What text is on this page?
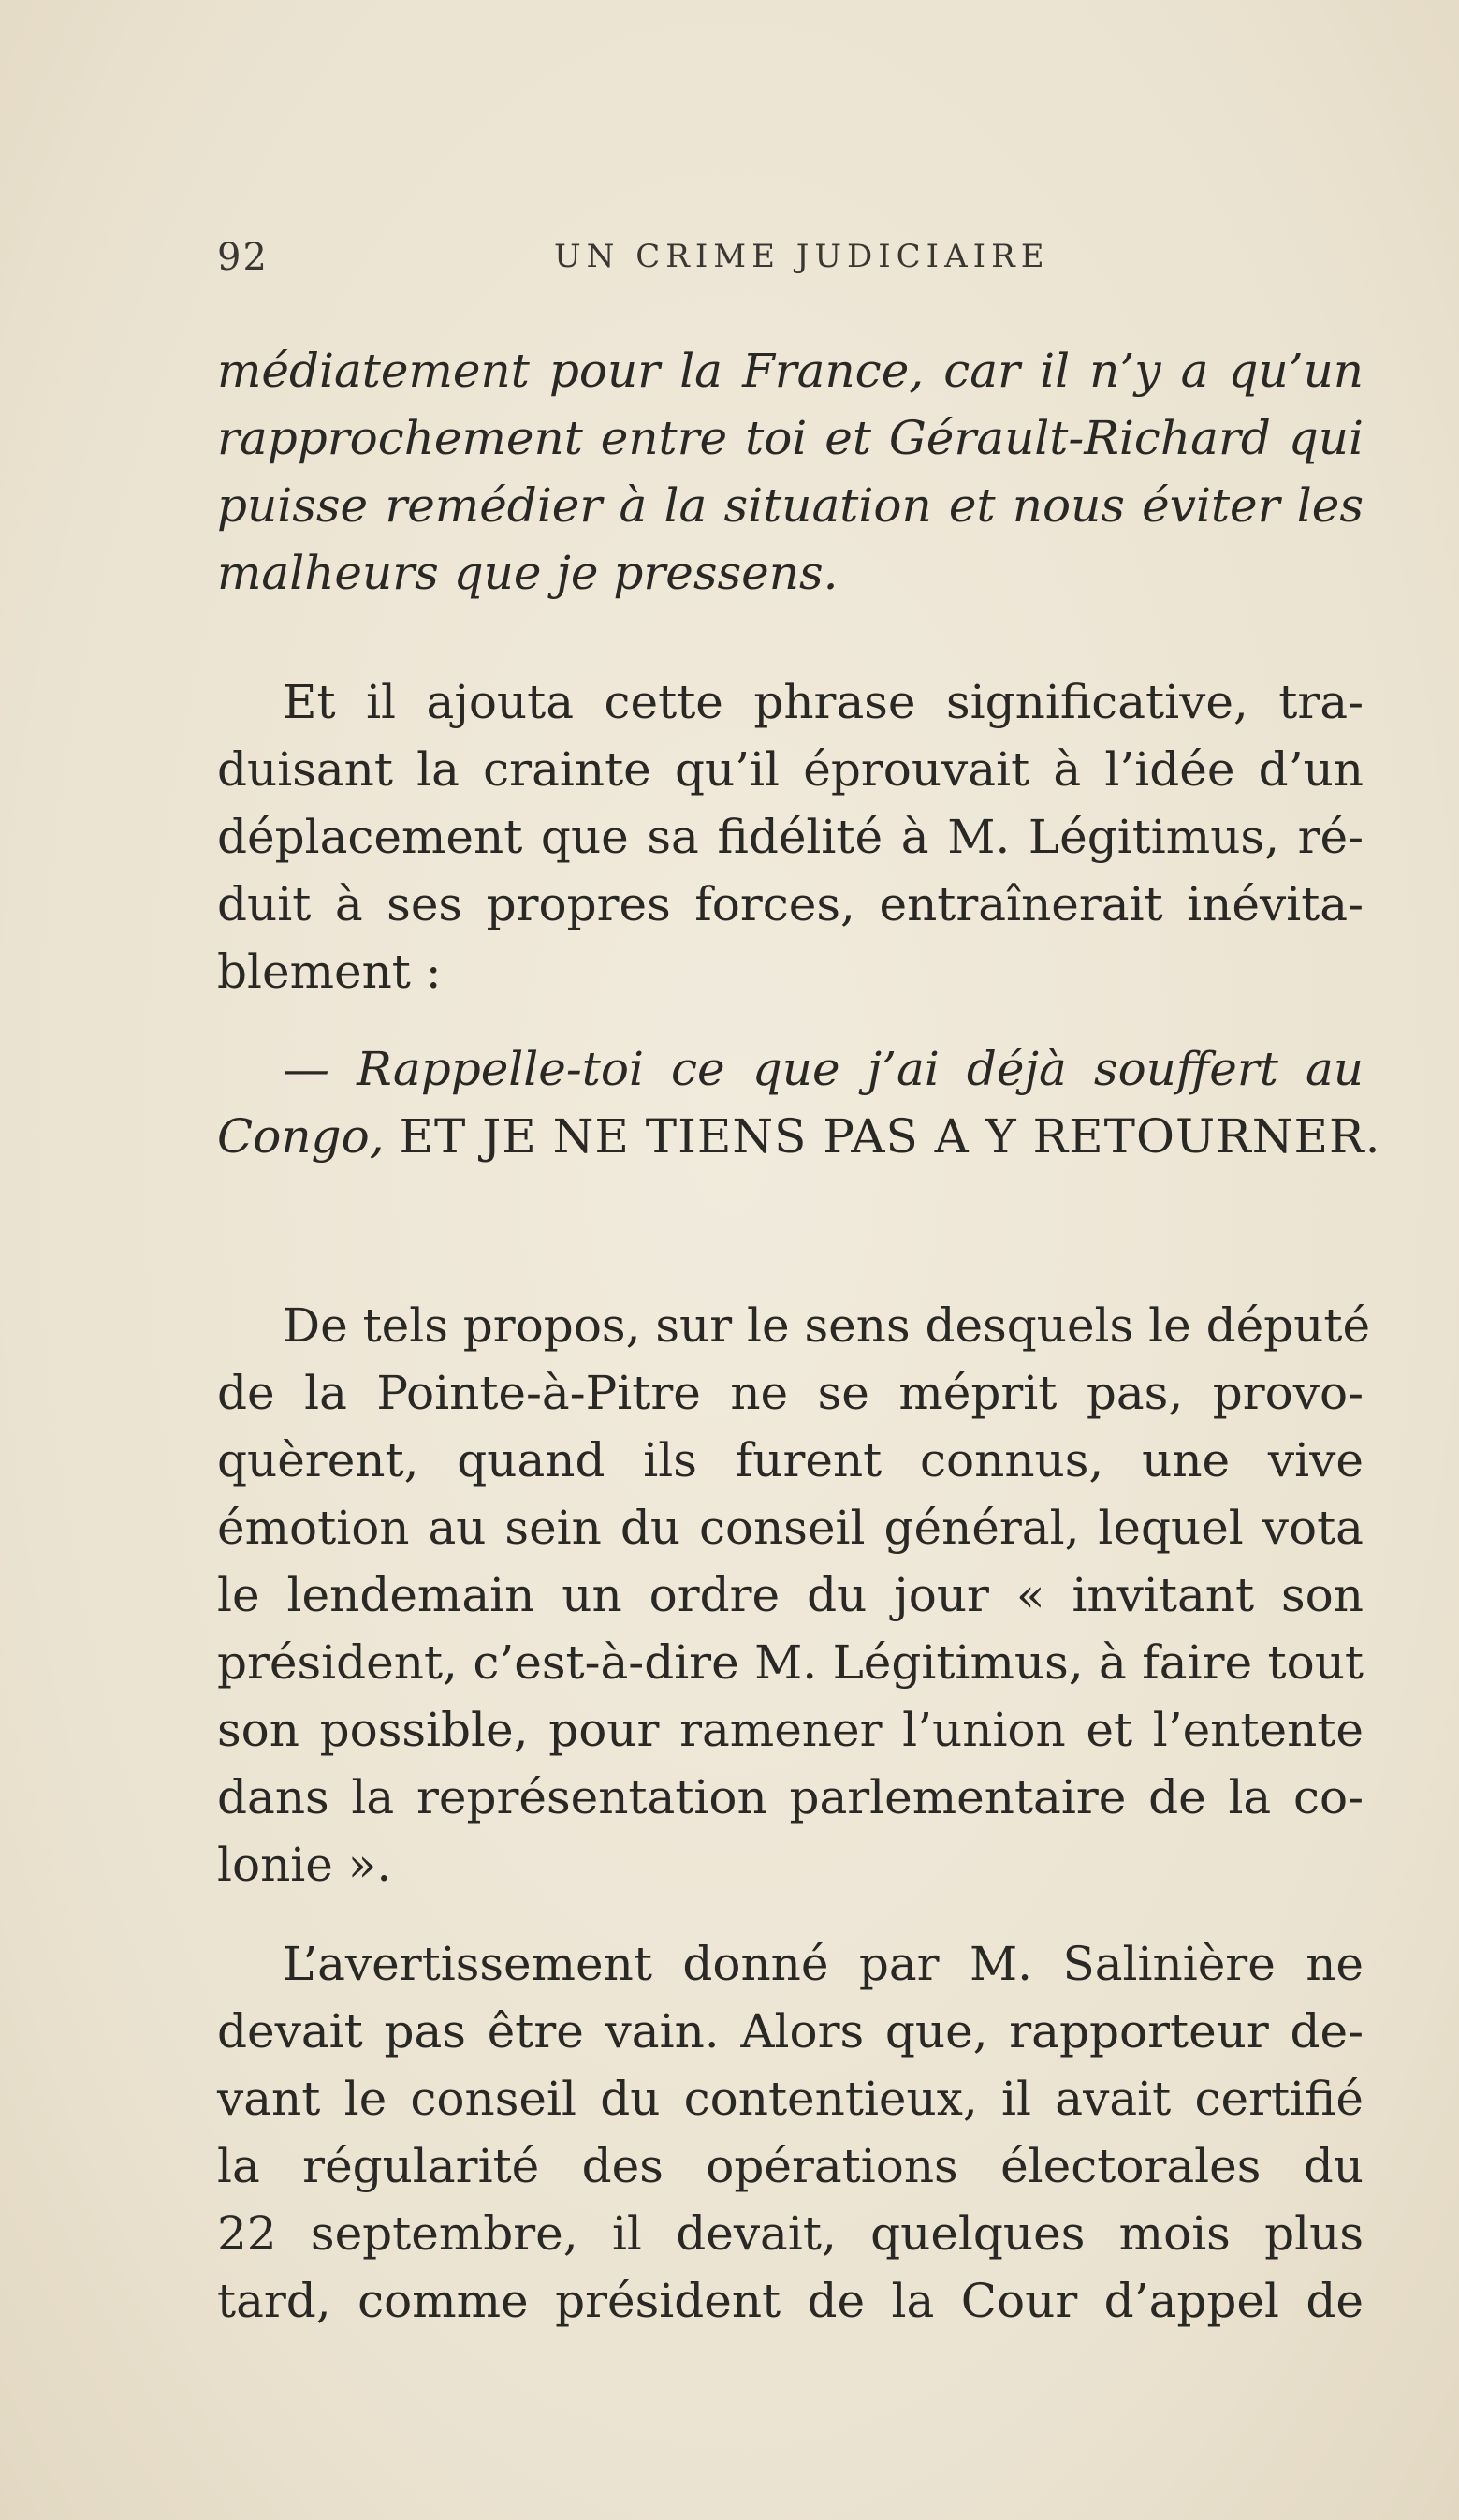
92	UN CRIME JUDICIAIRE
médiatement pour la France, car il n’y a qu’un
rapprochement entre toi et Gérault-Richard qui
puisse remédier à la situation et nous éviter les
malheurs que je pressens.
Et il ajouta cette phrase significative, tra-
duisant la crainte qu’il éprouvait à l’idée d’un
déplacement que sa fidélité à M. Légitimus, ré-
duit à ses propres forces, entraînerait inévita-
blement :
— Rappelle-toi ce que j’ai déjà souffert au
Congo, ET JE NE TIENS PAS A Y RETOURNER.
De tels propos, sur le sens desquels le député
de la Pointe-à-Pitre ne se méprit pas, provo-
quèrent, quand ils furent connus, une vive
émotion au sein du conseil général, lequel vota
le lendemain un ordre du jour « invitant son
président, c’est-à-dire M. Légitimus, à faire tout
son possible, pour ramener l’union et l’entente
dans la représentation parlementaire de la co-
lonie ».
L’avertissement donné par M. Salinière ne
devait pas être vain. Alors que, rapporteur de-
vant le conseil du contentieux, il avait certifié
la régularité des opérations électorales du
22 septembre, il devait, quelques mois plus
tard, comme président de la Cour d’appel de
